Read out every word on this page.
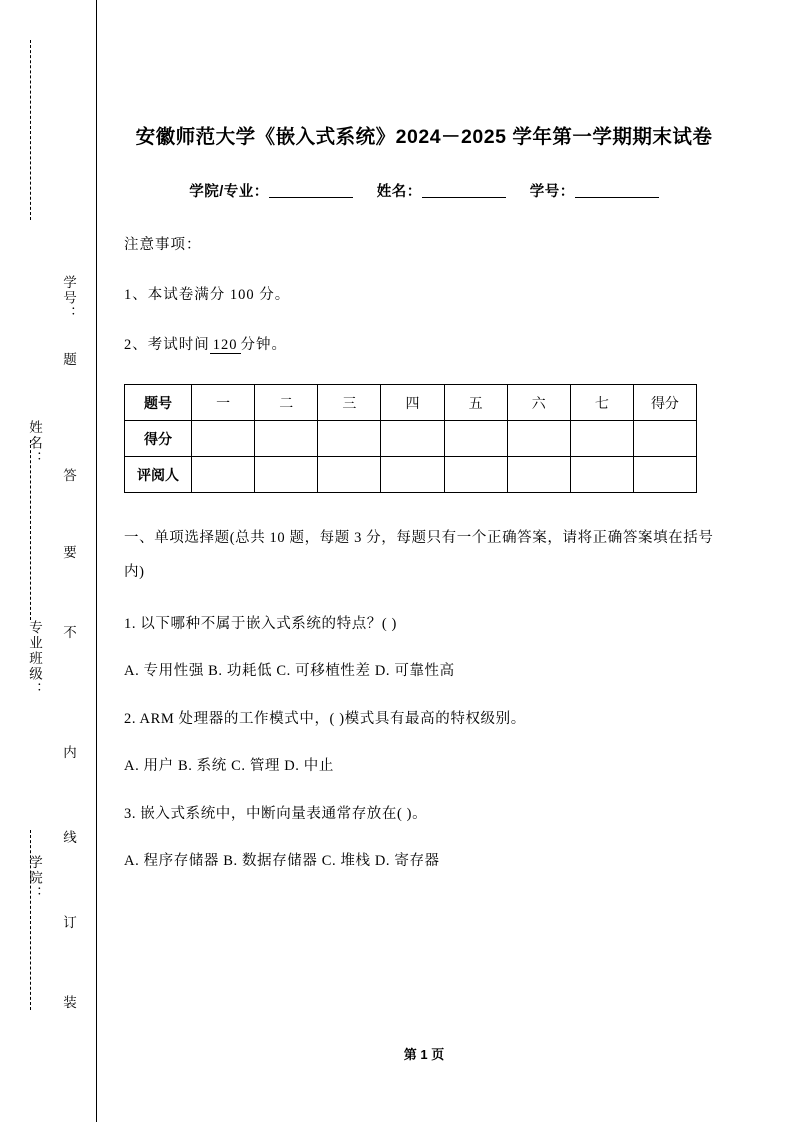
学号：
题
答
要
不
内
线
订
装
姓名：
专业班级：
学院：
安徽师范大学《嵌入式系统》2024－2025 学年第一学期期末试卷
学院/专业：	姓名：	学号：
注意事项：
1、本试卷满分 100 分。
2、考试时间 120 分钟。
题号	一	二	三	四	五	六	七	得分
得分								
评阅人								
一、单项选择题(总共 10 题，每题 3 分，每题只有一个正确答案，请将正确答案填在括号内)
1. 以下哪种不属于嵌入式系统的特点？( )
A. 专用性强 B. 功耗低 C. 可移植性差 D. 可靠性高
2. ARM 处理器的工作模式中，( )模式具有最高的特权级别。
A. 用户 B. 系统 C. 管理 D. 中止
3. 嵌入式系统中，中断向量表通常存放在( )。
A. 程序存储器 B. 数据存储器 C. 堆栈 D. 寄存器
第 1 页
